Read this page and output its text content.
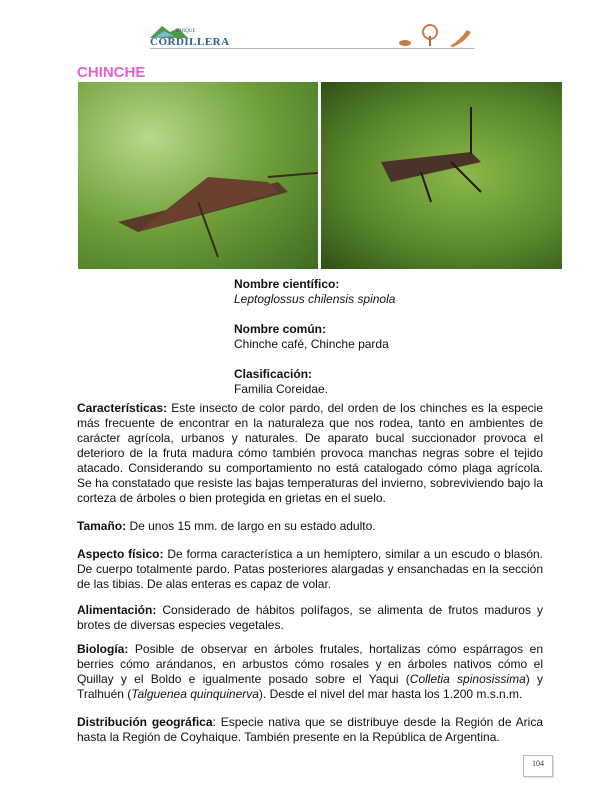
PARQUE
CORDILLERA
CHINCHE
Nombre científico:
Leptoglossus chilensis spinola
Nombre común:
Chinche café, Chinche parda
Clasificación:
Familia Coreidae.

Características: Este insecto de color pardo, del orden de los chinches es la especie más frecuente de encontrar en la naturaleza que nos rodea, tanto en ambientes de carácter agrícola, urbanos y naturales. De aparato bucal succionador provoca el deterioro de la fruta madura cómo también provoca manchas negras sobre el tejido atacado. Considerando su comportamiento no está catalogado cómo plaga agrícola. Se ha constatado que resiste las bajas temperaturas del invierno, sobreviviendo bajo la corteza de árboles o bien protegida en grietas en el suelo.

Tamaño: De unos 15 mm. de largo en su estado adulto.

Aspecto físico: De forma característica a un hemíptero, similar a un escudo o blasón. De cuerpo totalmente pardo. Patas posteriores alargadas y ensanchadas en la sección de las tibias. De alas enteras es capaz de volar.

Alimentación: Considerado de hábitos polífagos, se alimenta de frutos maduros y brotes de diversas especies vegetales.

Biología: Posible de observar en árboles frutales, hortalizas cómo espárragos en berries cómo arándanos, en arbustos cómo rosales y en árboles nativos cómo el Quillay y el Boldo e igualmente posado sobre el Yaqui (Colletia spinosissima) y Tralhuén (Talguenea quinquinerva). Desde el nivel del mar hasta los 1.200 m.s.n.m.

Distribución geográfica: Especie nativa que se distribuye desde la Región de Arica hasta la Región de Coyhaique. También presente en la República de Argentina.

104
